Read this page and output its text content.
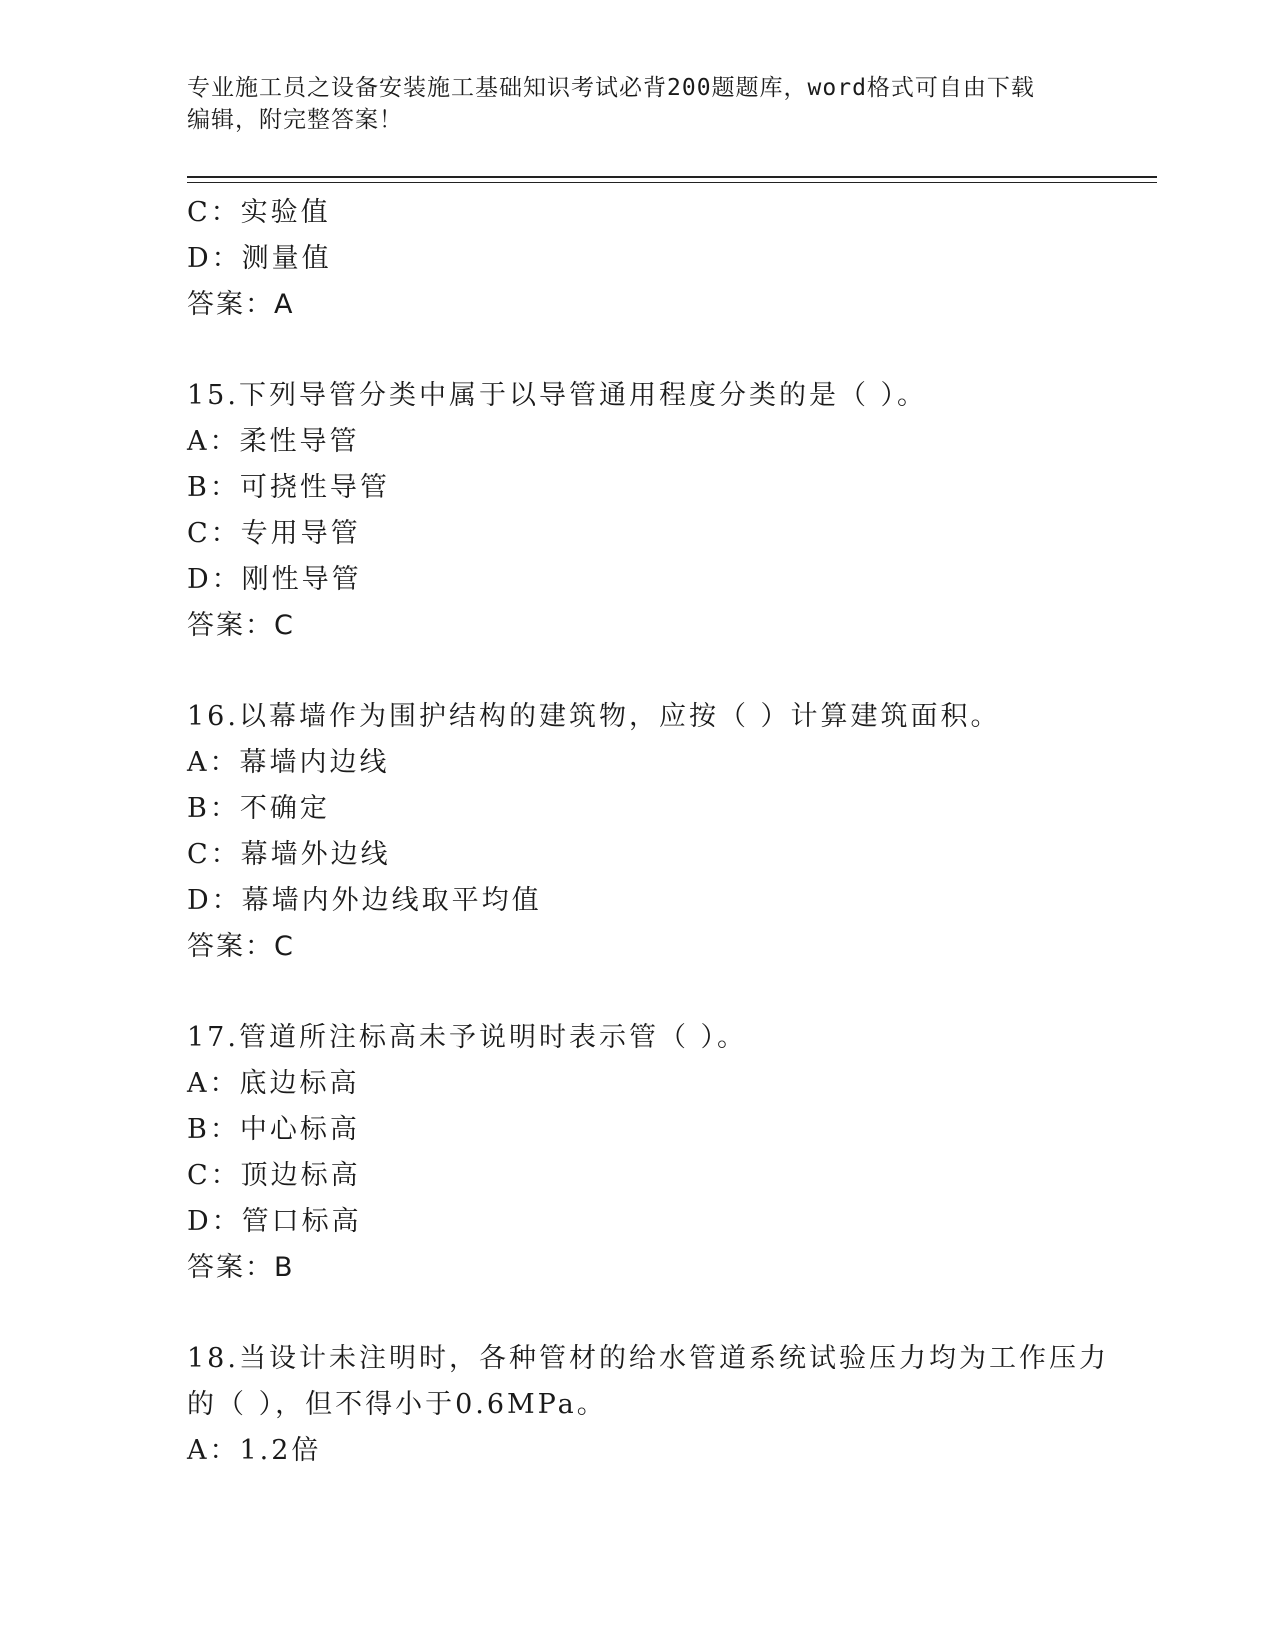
专业施工员之设备安装施工基础知识考试必背200题题库，word格式可自由下载
编辑，附完整答案！
C：实验值
D：测量值
答案：A
15.下列导管分类中属于以导管通用程度分类的是（ ）。
A：柔性导管
B：可挠性导管
C：专用导管
D：刚性导管
答案：C
16.以幕墙作为围护结构的建筑物，应按（ ）计算建筑面积。
A：幕墙内边线
B：不确定
C：幕墙外边线
D：幕墙内外边线取平均值
答案：C
17.管道所注标高未予说明时表示管（ ）。
A：底边标高
B：中心标高
C：顶边标高
D：管口标高
答案：B
18.当设计未注明时，各种管材的给水管道系统试验压力均为工作压力
的（ ），但不得小于0.6MPa。
A：1.2倍
